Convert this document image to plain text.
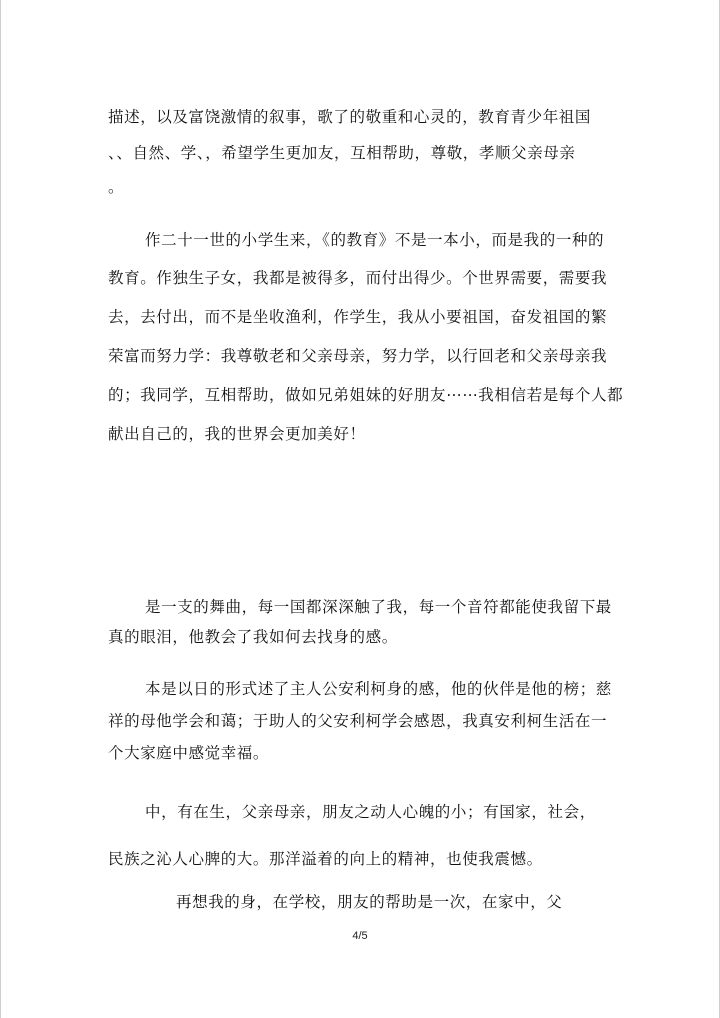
描述，以及富饶激情的叙事，歌了的敬重和心灵的，教育青少年祖国
、、自然、学、，希望学生更加友，互相帮助，尊敬，孝顺父亲母亲
。
作二十一世的小学生来，《的教育》不是一本小，而是我的一种的
教育。作独生子女，我都是被得多，而付出得少。个世界需要，需要我
去，去付出，而不是坐收渔利，作学生，我从小要祖国，奋发祖国的繁
荣富而努力学：我尊敬老和父亲母亲，努力学，以行回老和父亲母亲我
的；我同学，互相帮助，做如兄弟姐妹的好朋友⋯⋯我相信若是每个人都
献出自己的，我的世界会更加美好！
是一支的舞曲，每一国都深深触了我，每一个音符都能使我留下最
真的眼泪，他教会了我如何去找身的感。
本是以日的形式述了主人公安利柯身的感，他的伙伴是他的榜；慈
祥的母他学会和蔼；于助人的父安利柯学会感恩，我真安利柯生活在一
个大家庭中感觉幸福。
中，有在生，父亲母亲，朋友之动人心魄的小；有国家，社会，
民族之沁人心脾的大。那洋溢着的向上的精神，也使我震憾。
再想我的身，在学校，朋友的帮助是一次，在家中，父
4/5
